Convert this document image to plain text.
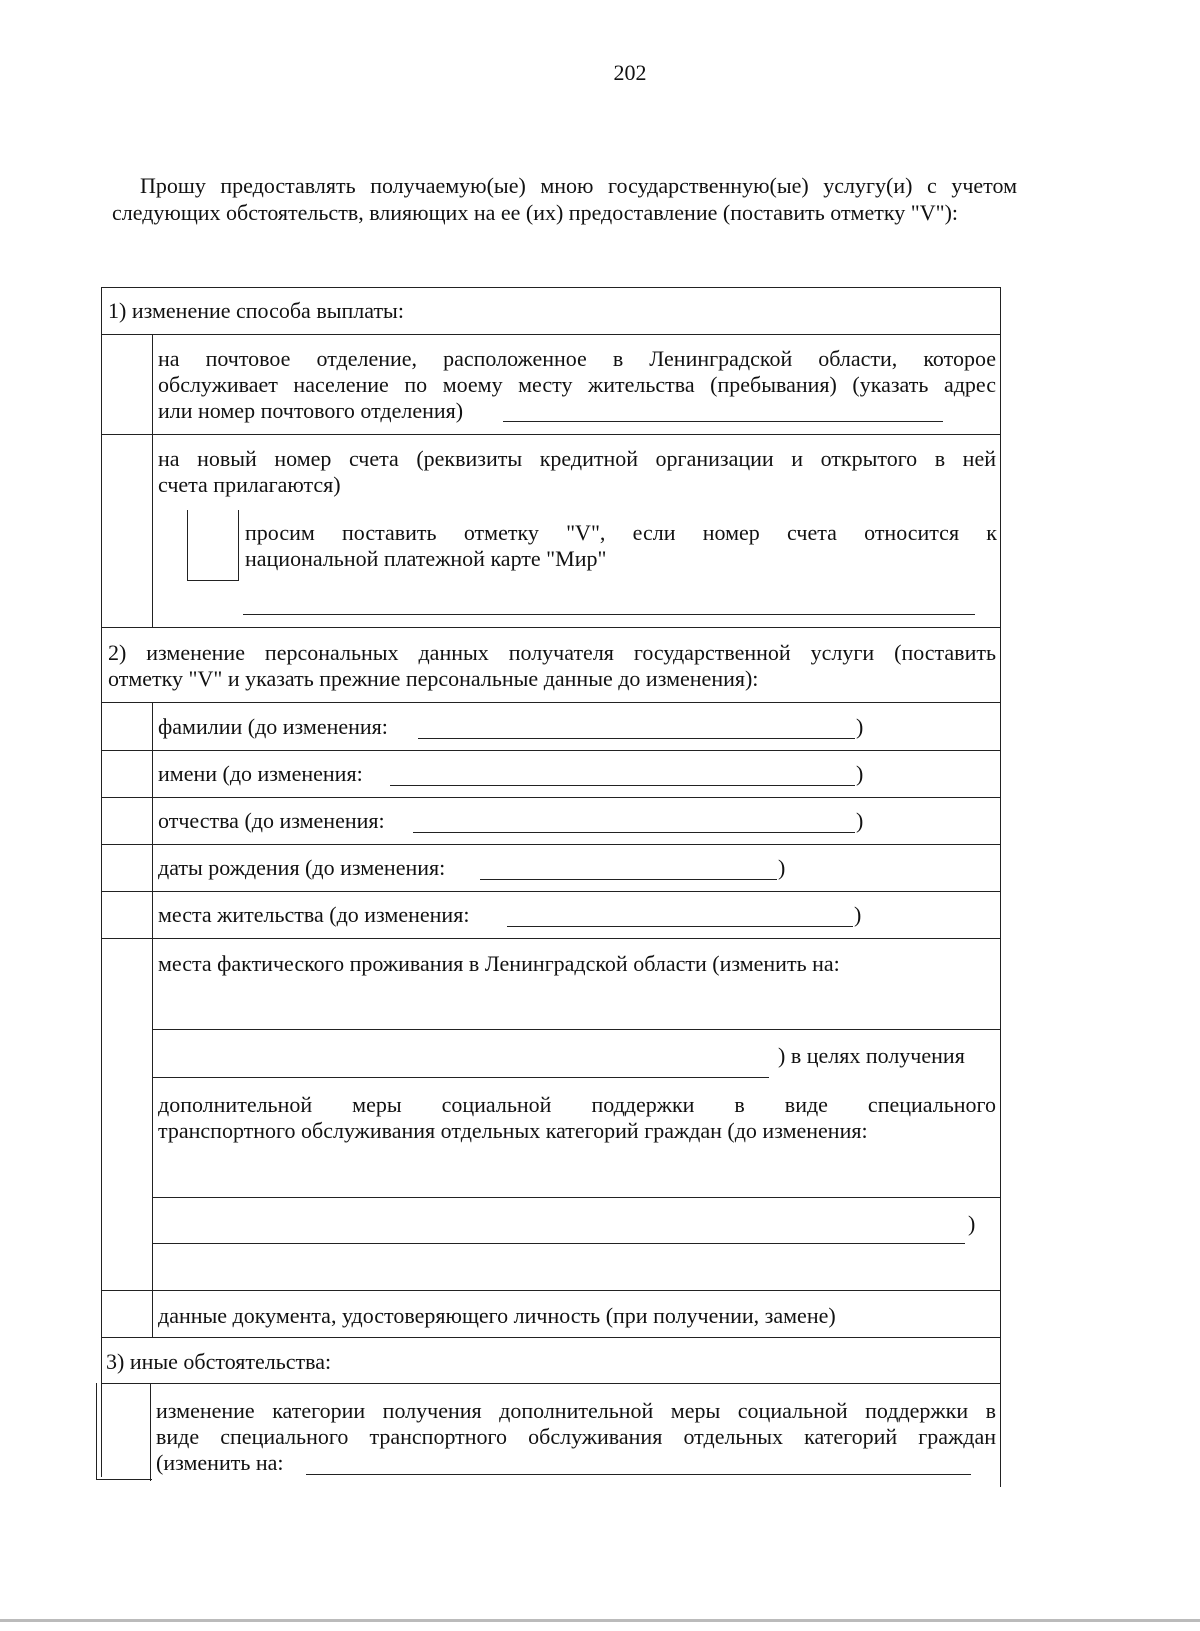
202
Прошу предоставлять получаемую(ые) мною государственную(ые) услугу(и) с учетом следующих обстоятельств, влияющих на ее (их) предоставление (поставить отметку "V"):
1) изменение способа выплаты:
на почтовое отделение, расположенное в Ленинградской области, которое
обслуживает население по моему месту жительства (пребывания) (указать адрес
или номер почтового отделения)
на новый номер счета (реквизиты кредитной организации и открытого в ней
счета прилагаются)
просим поставить отметку "V", если номер счета относится к
национальной платежной карте "Мир"
2) изменение персональных данных получателя государственной услуги (поставить
отметку "V" и указать прежние персональные данные до изменения):
фамилии (до изменения:	)
имени (до изменения:	)
отчества (до изменения:	)
даты рождения (до изменения:	)
места жительства (до изменения:	)
места фактического проживания в Ленинградской области (изменить на:
) в целях получения
дополнительной меры социальной поддержки в виде специального
транспортного обслуживания отдельных категорий граждан (до изменения:
)
данные документа, удостоверяющего личность (при получении, замене)
3) иные обстоятельства:
изменение категории получения дополнительной меры социальной поддержки в
виде специального транспортного обслуживания отдельных категорий граждан
(изменить на:
